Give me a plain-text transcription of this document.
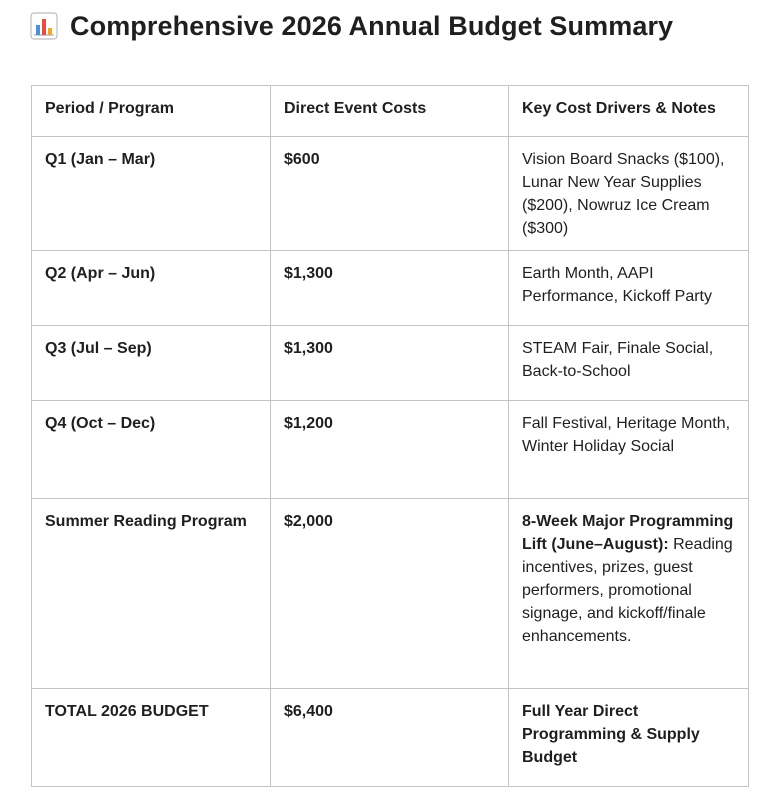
Comprehensive 2026 Annual Budget Summary
Period / Program	Direct Event Costs	Key Cost Drivers & Notes
Q1 (Jan – Mar)	$600	Vision Board Snacks ($100), Lunar New Year Supplies ($200), Nowruz Ice Cream ($300)
Q2 (Apr – Jun)	$1,300	Earth Month, AAPI Performance, Kickoff Party
Q3 (Jul – Sep)	$1,300	STEAM Fair, Finale Social, Back-to-School
Q4 (Oct – Dec)	$1,200	Fall Festival, Heritage Month, Winter Holiday Social
Summer Reading Program	$2,000	8-Week Major Programming Lift (June–August): Reading incentives, prizes, guest performers, promotional signage, and kickoff/finale enhancements.
TOTAL 2026 BUDGET	$6,400	Full Year Direct Programming & Supply Budget
